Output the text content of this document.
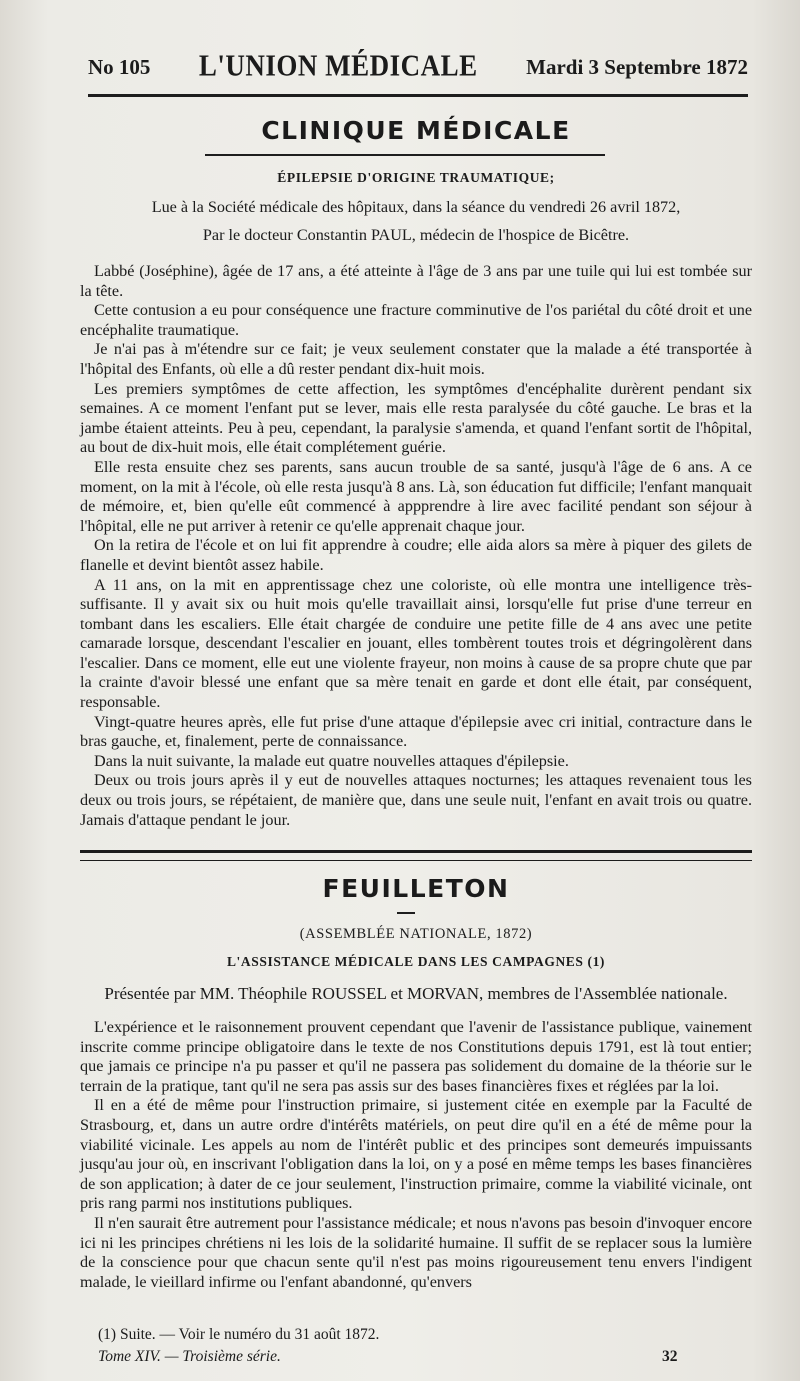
No 105 L'UNION MÉDICALE Mardi 3 Septembre 1872
CLINIQUE MÉDICALE
ÉPILEPSIE D'ORIGINE TRAUMATIQUE;
Lue à la Société médicale des hôpitaux, dans la séance du vendredi 26 avril 1872,
Par le docteur Constantin PAUL, médecin de l'hospice de Bicêtre.

Labbé (Joséphine), âgée de 17 ans, a été atteinte à l'âge de 3 ans par une tuile qui lui est tombée sur la tête.

Cette contusion a eu pour conséquence une fracture comminutive de l'os pariétal du côté droit et une encéphalite traumatique.

Je n'ai pas à m'étendre sur ce fait; je veux seulement constater que la malade a été transportée à l'hôpital des Enfants, où elle a dû rester pendant dix-huit mois.

Les premiers symptômes de cette affection, les symptômes d'encéphalite durèrent pendant six semaines. A ce moment l'enfant put se lever, mais elle resta paralysée du côté gauche. Le bras et la jambe étaient atteints. Peu à peu, cependant, la paralysie s'amenda, et quand l'enfant sortit de l'hôpital, au bout de dix-huit mois, elle était complétement guérie.

Elle resta ensuite chez ses parents, sans aucun trouble de sa santé, jusqu'à l'âge de 6 ans. A ce moment, on la mit à l'école, où elle resta jusqu'à 8 ans. Là, son éducation fut difficile; l'enfant manquait de mémoire, et, bien qu'elle eût commencé à appprendre à lire avec facilité pendant son séjour à l'hôpital, elle ne put arriver à retenir ce qu'elle apprenait chaque jour.

On la retira de l'école et on lui fit apprendre à coudre; elle aida alors sa mère à piquer des gilets de flanelle et devint bientôt assez habile.

A 11 ans, on la mit en apprentissage chez une coloriste, où elle montra une intelligence très-suffisante. Il y avait six ou huit mois qu'elle travaillait ainsi, lorsqu'elle fut prise d'une terreur en tombant dans les escaliers. Elle était chargée de conduire une petite fille de 4 ans avec une petite camarade lorsque, descendant l'escalier en jouant, elles tombèrent toutes trois et dégringolèrent dans l'escalier. Dans ce moment, elle eut une violente frayeur, non moins à cause de sa propre chute que par la crainte d'avoir blessé une enfant que sa mère tenait en garde et dont elle était, par conséquent, responsable.

Vingt-quatre heures après, elle fut prise d'une attaque d'épilepsie avec cri initial, contracture dans le bras gauche, et, finalement, perte de connaissance.

Dans la nuit suivante, la malade eut quatre nouvelles attaques d'épilepsie.

Deux ou trois jours après il y eut de nouvelles attaques nocturnes; les attaques revenaient tous les deux ou trois jours, se répétaient, de manière que, dans une seule nuit, l'enfant en avait trois ou quatre. Jamais d'attaque pendant le jour.

FEUILLETON
(ASSEMBLÉE NATIONALE, 1872)
L'ASSISTANCE MÉDICALE DANS LES CAMPAGNES (1)
Présentée par MM. Théophile ROUSSEL et MORVAN, membres de l'Assemblée nationale.

L'expérience et le raisonnement prouvent cependant que l'avenir de l'assistance publique, vainement inscrite comme principe obligatoire dans le texte de nos Constitutions depuis 1791, est là tout entier; que jamais ce principe n'a pu passer et qu'il ne passera pas solidement du domaine de la théorie sur le terrain de la pratique, tant qu'il ne sera pas assis sur des bases financières fixes et réglées par la loi.

Il en a été de même pour l'instruction primaire, si justement citée en exemple par la Faculté de Strasbourg, et, dans un autre ordre d'intérêts matériels, on peut dire qu'il en a été de même pour la viabilité vicinale. Les appels au nom de l'intérêt public et des principes sont demeurés impuissants jusqu'au jour où, en inscrivant l'obligation dans la loi, on y a posé en même temps les bases financières de son application; à dater de ce jour seulement, l'instruction primaire, comme la viabilité vicinale, ont pris rang parmi nos institutions publiques.

Il n'en saurait être autrement pour l'assistance médicale; et nous n'avons pas besoin d'invoquer encore ici ni les principes chrétiens ni les lois de la solidarité humaine. Il suffit de se replacer sous la lumière de la conscience pour que chacun sente qu'il n'est pas moins rigoureusement tenu envers l'indigent malade, le vieillard infirme ou l'enfant abandonné, qu'envers

(1) Suite. — Voir le numéro du 31 août 1872.
Tome XIV. — Troisième série.	32
